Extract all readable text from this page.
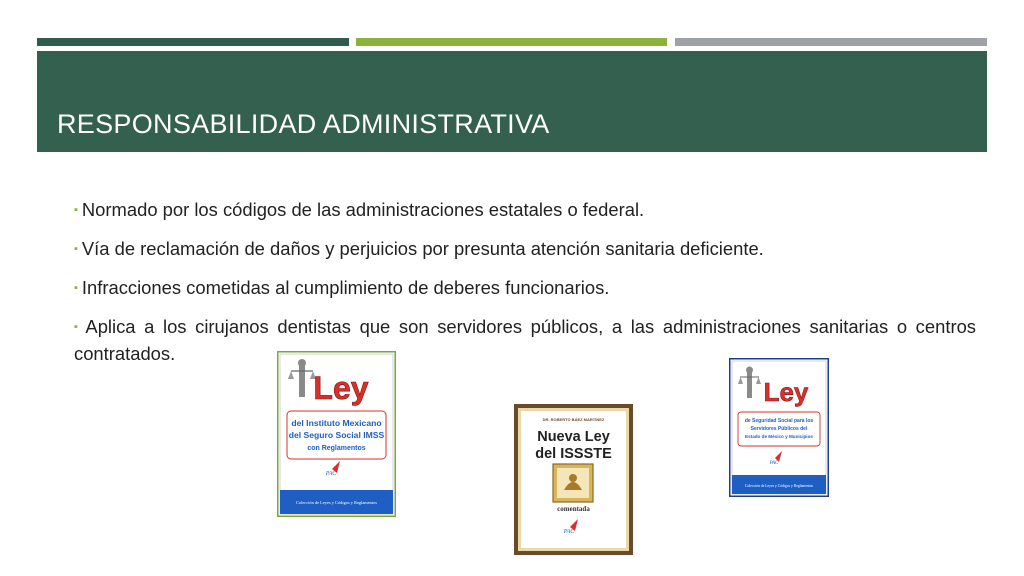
RESPONSABILIDAD ADMINISTRATIVA
▪ Normado por los códigos de las administraciones estatales o federal.
▪ Vía de reclamación de daños y perjuicios por presunta atención sanitaria deficiente.
▪ Infracciones cometidas al cumplimiento de deberes funcionarios.
▪ Aplica a los cirujanos dentistas que son servidores públicos, a las administraciones sanitarias o centros contratados.
Ley
del Instituto Mexicano
del Seguro Social IMSS
con Reglamentos
PAC
Colección de Leyes y Códigos y Reglamentos
DR. ROBERTO BÁEZ MARTÍNEZ
Nueva Ley
del ISSSTE
comentada
PAC
Ley
de Seguridad Social para los
Servidores Públicos del
Estado de México y Municipios
PAC
Colección de Leyes y Códigos y Reglamentos
